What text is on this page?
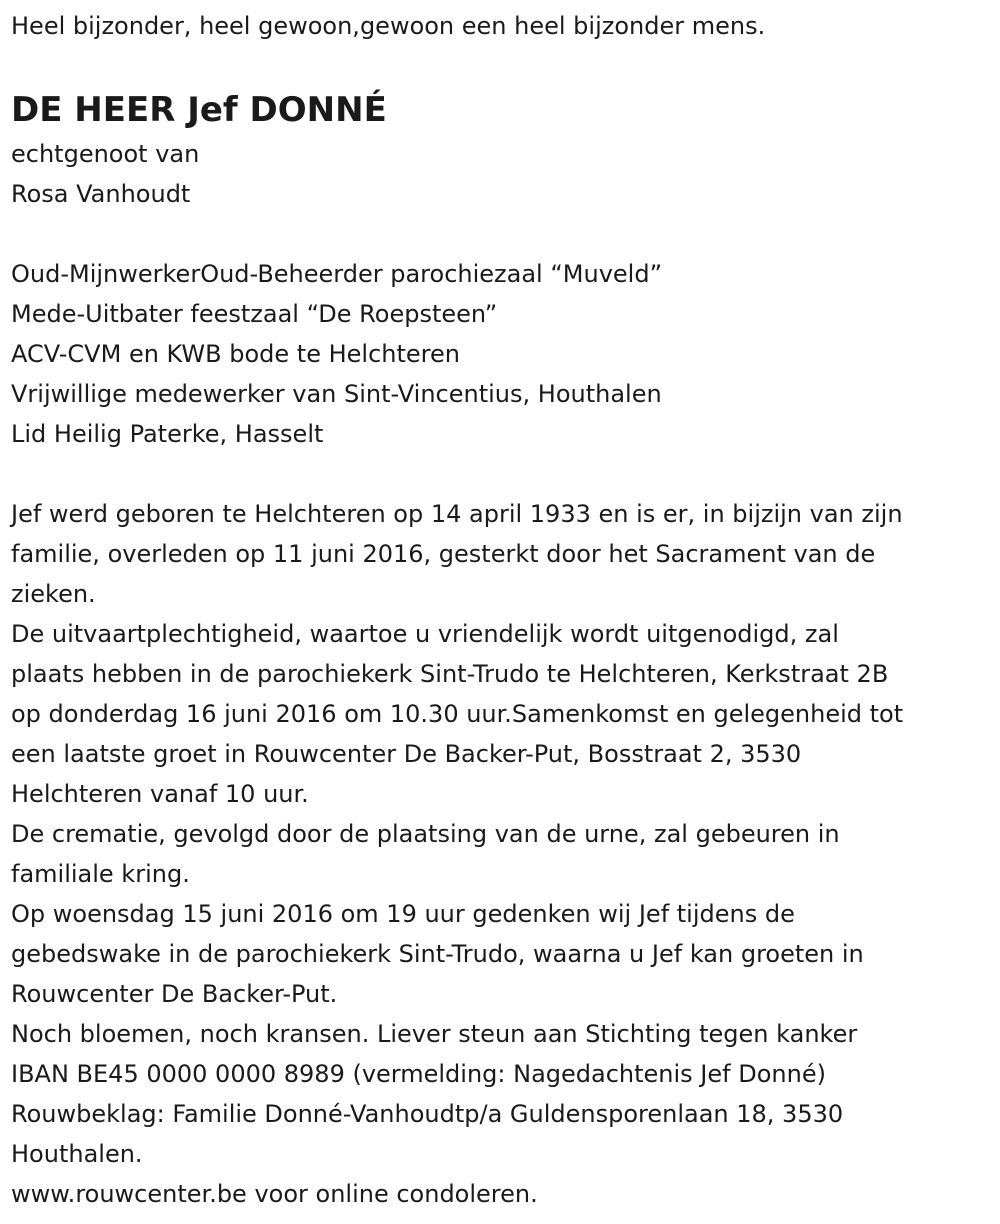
Heel bijzonder, heel gewoon,gewoon een heel bijzonder mens.

DE HEER Jef DONNÉ

echtgenoot van

Rosa Vanhoudt

Oud-MijnwerkerOud-Beheerder parochiezaal “Muveld”

Mede-Uitbater feestzaal “De Roepsteen”

ACV-CVM en KWB bode te Helchteren

Vrijwillige medewerker van Sint-Vincentius, Houthalen

Lid Heilig Paterke, Hasselt

Jef werd geboren te Helchteren op 14 april 1933 en is er, in bijzijn van zijn

familie, overleden op 11 juni 2016, gesterkt door het Sacrament van de

zieken.

De uitvaartplechtigheid, waartoe u vriendelijk wordt uitgenodigd, zal

plaats hebben in de parochiekerk Sint-Trudo te Helchteren, Kerkstraat 2B

op donderdag 16 juni 2016 om 10.30 uur.Samenkomst en gelegenheid tot

een laatste groet in Rouwcenter De Backer-Put, Bosstraat 2, 3530

Helchteren vanaf 10 uur.

De crematie, gevolgd door de plaatsing van de urne, zal gebeuren in

familiale kring.

Op woensdag 15 juni 2016 om 19 uur gedenken wij Jef tijdens de

gebedswake in de parochiekerk Sint-Trudo, waarna u Jef kan groeten in

Rouwcenter De Backer-Put.

Noch bloemen, noch kransen. Liever steun aan Stichting tegen kanker

IBAN BE45 0000 0000 8989 (vermelding: Nagedachtenis Jef Donné)

Rouwbeklag: Familie Donné-Vanhoudtp/a Guldensporenlaan 18, 3530

Houthalen.

www.rouwcenter.be voor online condoleren.
